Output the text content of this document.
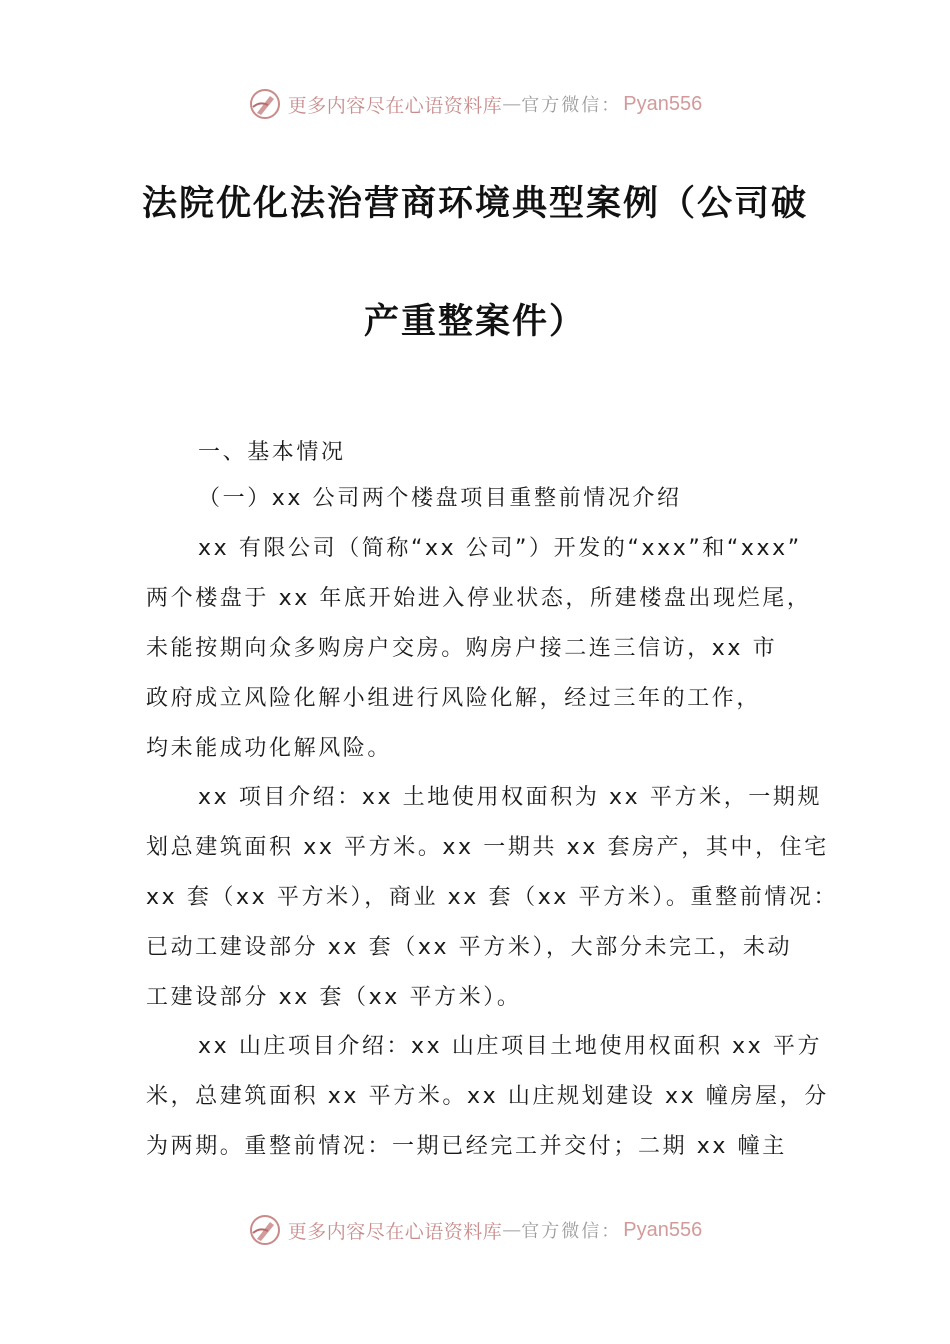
更多内容尽在心语资料库 — 官方微信： Pyan556
法院优化法治营商环境典型案例（公司破
产重整案件）
一、基本情况
（一）xx 公司两个楼盘项目重整前情况介绍
xx 有限公司（简称“xx 公司”）开发的“xxx”和“xxx”
两个楼盘于 xx 年底开始进入停业状态，所建楼盘出现烂尾，
未能按期向众多购房户交房。购房户接二连三信访，xx 市
政府成立风险化解小组进行风险化解，经过三年的工作，
均未能成功化解风险。
xx 项目介绍：xx 土地使用权面积为 xx 平方米，一期规
划总建筑面积 xx 平方米。xx 一期共 xx 套房产，其中，住宅
xx 套（xx 平方米），商业 xx 套（xx 平方米）。重整前情况：
已动工建设部分 xx 套（xx 平方米），大部分未完工，未动
工建设部分 xx 套（xx 平方米）。
xx 山庄项目介绍：xx 山庄项目土地使用权面积 xx 平方
米，总建筑面积 xx 平方米。xx 山庄规划建设 xx 幢房屋，分
为两期。重整前情况：一期已经完工并交付；二期 xx 幢主
更多内容尽在心语资料库 — 官方微信： Pyan556
